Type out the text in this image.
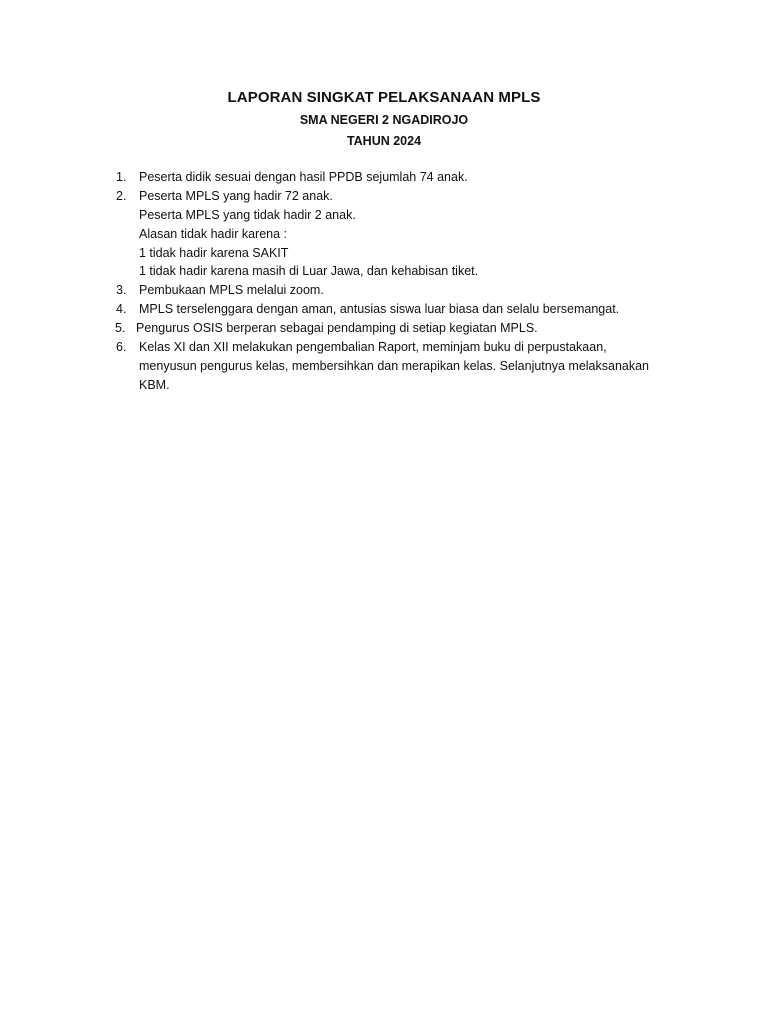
LAPORAN SINGKAT PELAKSANAAN MPLS
SMA NEGERI 2 NGADIROJO
TAHUN 2024
1. Peserta didik sesuai dengan hasil PPDB sejumlah 74 anak.
2. Peserta MPLS yang hadir 72 anak.
Peserta MPLS yang tidak hadir 2 anak.
Alasan tidak hadir karena :
1 tidak hadir karena SAKIT
1 tidak hadir karena masih di Luar Jawa, dan kehabisan tiket.
3. Pembukaan MPLS melalui zoom.
4. MPLS terselenggara dengan aman, antusias siswa luar biasa dan selalu bersemangat.
5. Pengurus OSIS berperan sebagai pendamping di setiap kegiatan MPLS.
6. Kelas XI dan XII melakukan pengembalian Raport, meminjam buku di perpustakaan,
menyusun pengurus kelas, membersihkan dan merapikan kelas. Selanjutnya melaksanakan
KBM.
